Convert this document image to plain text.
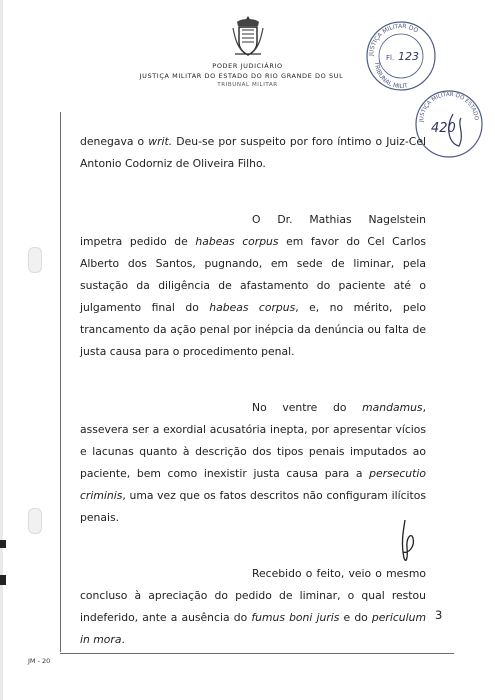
PODER JUDICIÁRIO
JUSTIÇA MILITAR DO ESTADO DO RIO GRANDE DO SUL
TRIBUNAL MILITAR
JUSTIÇA MILITAR DO
TRIBUNAL MILIT
Fl. 123
JUSTIÇA MILITAR DO ESTADO
420

denegava o writ. Deu-se por suspeito por foro íntimo o Juiz-Cel Antonio Codorniz de Oliveira Filho.

O Dr. Mathias Nagelstein impetra pedido de habeas corpus em favor do Cel Carlos Alberto dos Santos, pugnando, em sede de liminar, pela sustação da diligência de afastamento do paciente até o julgamento final do habeas corpus, e, no mérito, pelo trancamento da ação penal por inépcia da denúncia ou falta de justa causa para o procedimento penal.

No ventre do mandamus, assevera ser a exordial acusatória inepta, por apresentar vícios e lacunas quanto à descrição dos tipos penais imputados ao paciente, bem como inexistir justa causa para a persecutio criminis, uma vez que os fatos descritos não configuram ilícitos penais.

Recebido o feito, veio o mesmo concluso à apreciação do pedido de liminar, o qual restou indeferido, ante a ausência do fumus boni juris e do periculum in mora.

3
JM - 20
